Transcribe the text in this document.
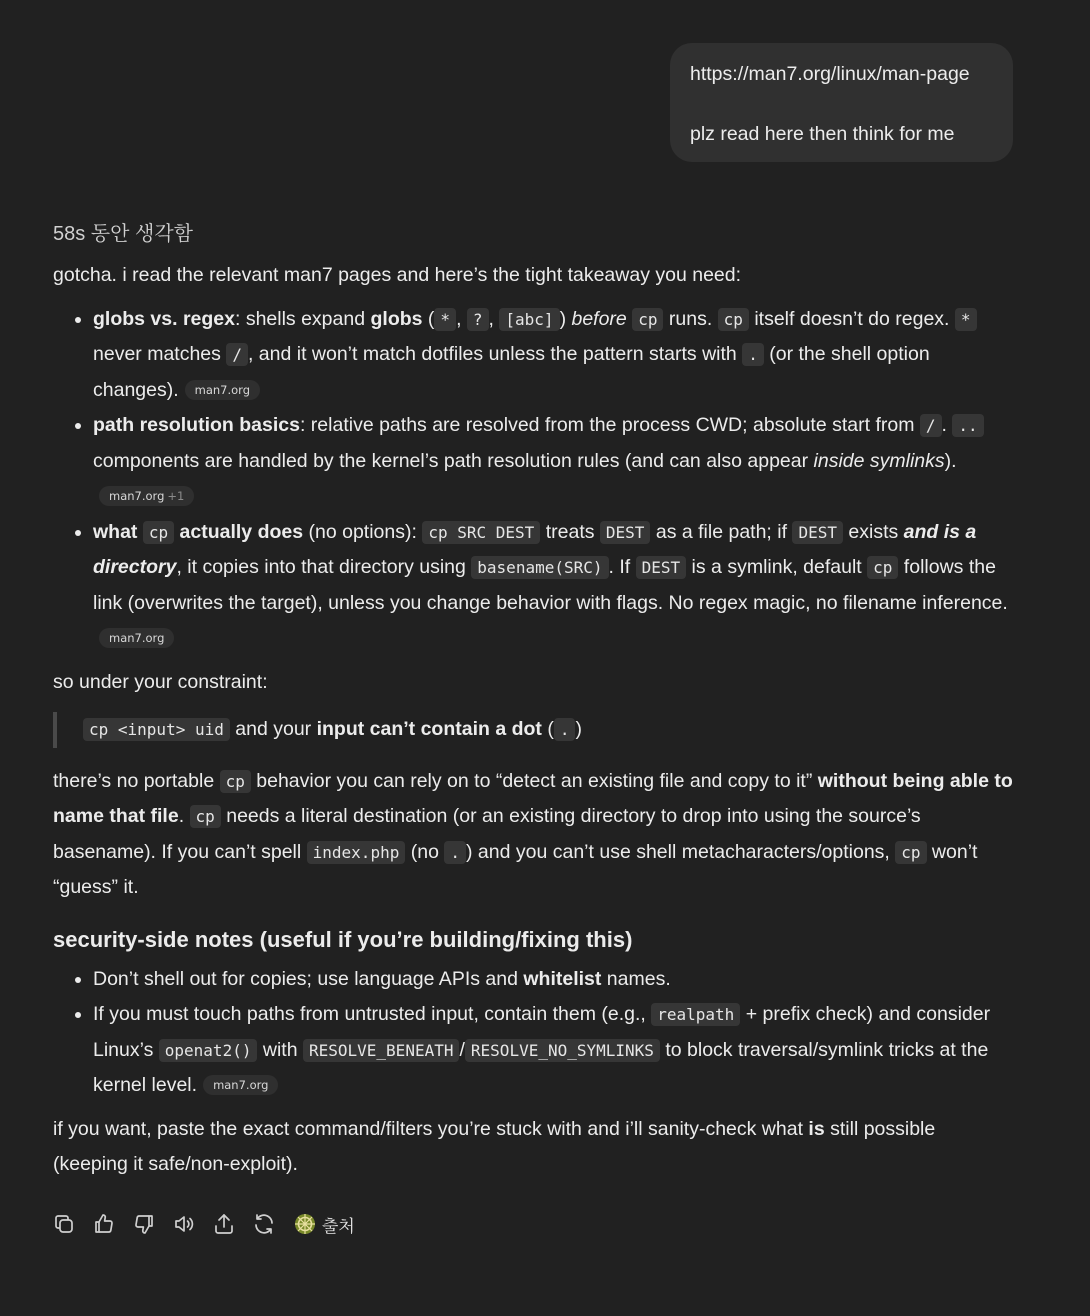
https://man7.org/linux/man-page

plz read here then think for me

58s 동안 생각함

gotcha. i read the relevant man7 pages and here’s the tight takeaway you need:

• globs vs. regex: shells expand globs ( * , ? , [abc] ) before cp runs. cp itself doesn’t do regex. * never matches / , and it won’t match dotfiles unless the pattern starts with . (or the shell option changes). man7.org
• path resolution basics: relative paths are resolved from the process CWD; absolute start from / . .. components are handled by the kernel’s path resolution rules (and can also appear inside symlinks).man7.org +1
• what cp actually does (no options): cp SRC DEST treats DEST as a file path; if DEST exists and is a directory, it copies into that directory using basename(SRC) . If DEST is a symlink, default cp follows the link (overwrites the target), unless you change behavior with flags. No regex magic, no filename inference.man7.org

so under your constraint:

cp <input> uid and your input can’t contain a dot ( . )

there’s no portable cp behavior you can rely on to “detect an existing file and copy to it” without being able to name that file. cp needs a literal destination (or an existing directory to drop into using the source’s basename). If you can’t spell index.php (no . ) and you can’t use shell metacharacters/options, cp won’t “guess” it.

security-side notes (useful if you’re building/fixing this)
• Don’t shell out for copies; use language APIs and whitelist names.
• If you must touch paths from untrusted input, contain them (e.g., realpath + prefix check) and consider Linux’s openat2() with RESOLVE_BENEATH / RESOLVE_NO_SYMLINKS to block traversal/symlink tricks at the kernel level. man7.org

if you want, paste the exact command/filters you’re stuck with and i’ll sanity-check what is still possible (keeping it safe/non-exploit).

출처
